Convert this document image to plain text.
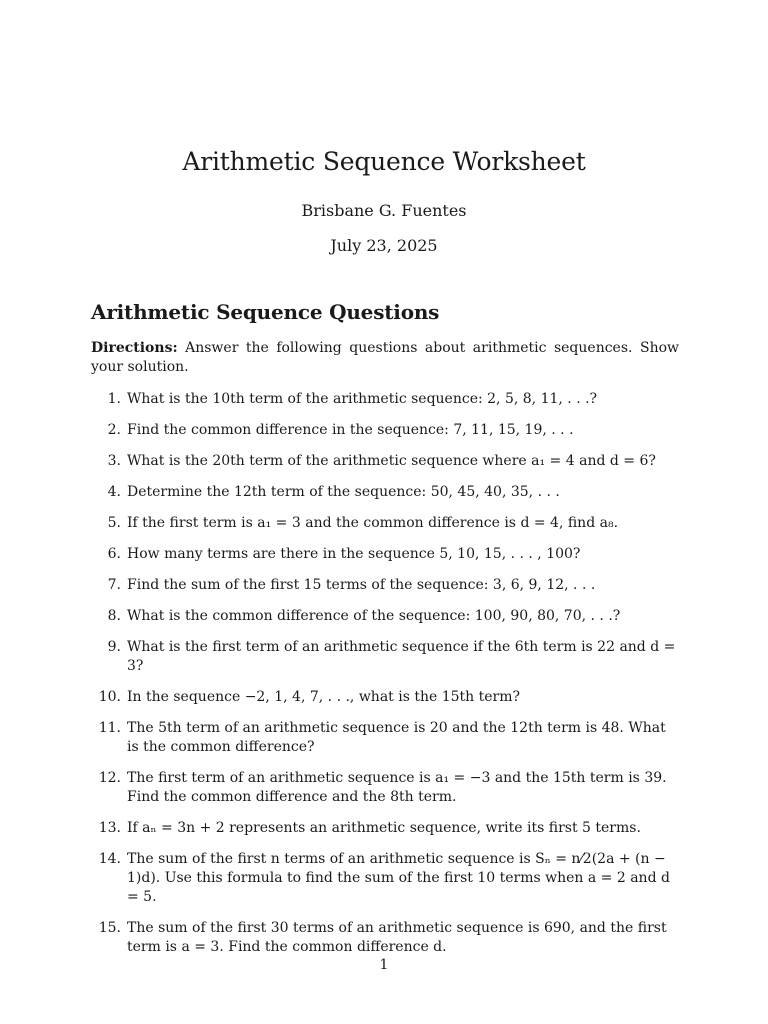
Arithmetic Sequence Worksheet
Brisbane G. Fuentes
July 23, 2025
Arithmetic Sequence Questions
Directions: Answer the following questions about arithmetic sequences. Show your solution.
1. What is the 10th term of the arithmetic sequence: 2, 5, 8, 11, . . .?
2. Find the common difference in the sequence: 7, 11, 15, 19, . . .
3. What is the 20th term of the arithmetic sequence where a₁ = 4 and d = 6?
4. Determine the 12th term of the sequence: 50, 45, 40, 35, . . .
5. If the first term is a₁ = 3 and the common difference is d = 4, find a₈.
6. How many terms are there in the sequence 5, 10, 15, . . . , 100?
7. Find the sum of the first 15 terms of the sequence: 3, 6, 9, 12, . . .
8. What is the common difference of the sequence: 100, 90, 80, 70, . . .?
9. What is the first term of an arithmetic sequence if the 6th term is 22 and d = 3?
10. In the sequence −2, 1, 4, 7, . . ., what is the 15th term?
11. The 5th term of an arithmetic sequence is 20 and the 12th term is 48. What is the common difference?
12. The first term of an arithmetic sequence is a₁ = −3 and the 15th term is 39. Find the common difference and the 8th term.
13. If aₙ = 3n + 2 represents an arithmetic sequence, write its first 5 terms.
14. The sum of the first n terms of an arithmetic sequence is Sₙ = n⁄2(2a + (n − 1)d). Use this formula to find the sum of the first 10 terms when a = 2 and d = 5.
15. The sum of the first 30 terms of an arithmetic sequence is 690, and the first term is a = 3. Find the common difference d.
1
